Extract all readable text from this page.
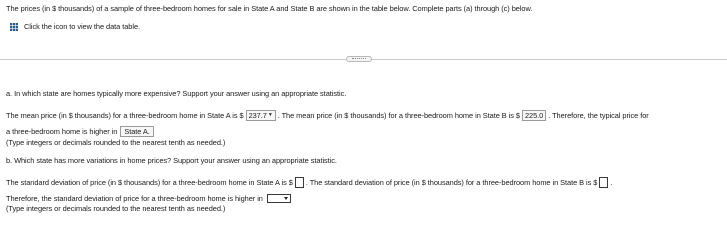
The prices (in $ thousands) of a sample of three-bedroom homes for sale in State A and State B are shown in the table below. Complete parts (a) through (c) below.
Click the icon to view the data table.
a. In which state are homes typically more expensive? Support your answer using an appropriate statistic.
The mean price (in $ thousands) for a three-bedroom home in State A is $ 237.7▼ . The mean price (in $ thousands) for a three-bedroom home in State B is $ 225.0 . Therefore, the typical price for
a three-bedroom home is higher in State A.
(Type integers or decimals rounded to the nearest tenth as needed.)
b. Which state has more variations in home prices? Support your answer using an appropriate statistic.
The standard deviation of price (in $ thousands) for a three-bedroom home in State A is $ . The standard deviation of price (in $ thousands) for a three-bedroom home in State B is $ .
Therefore, the standard deviation of price for a three-bedroom home is higher in
(Type integers or decimals rounded to the nearest tenth as needed.)
